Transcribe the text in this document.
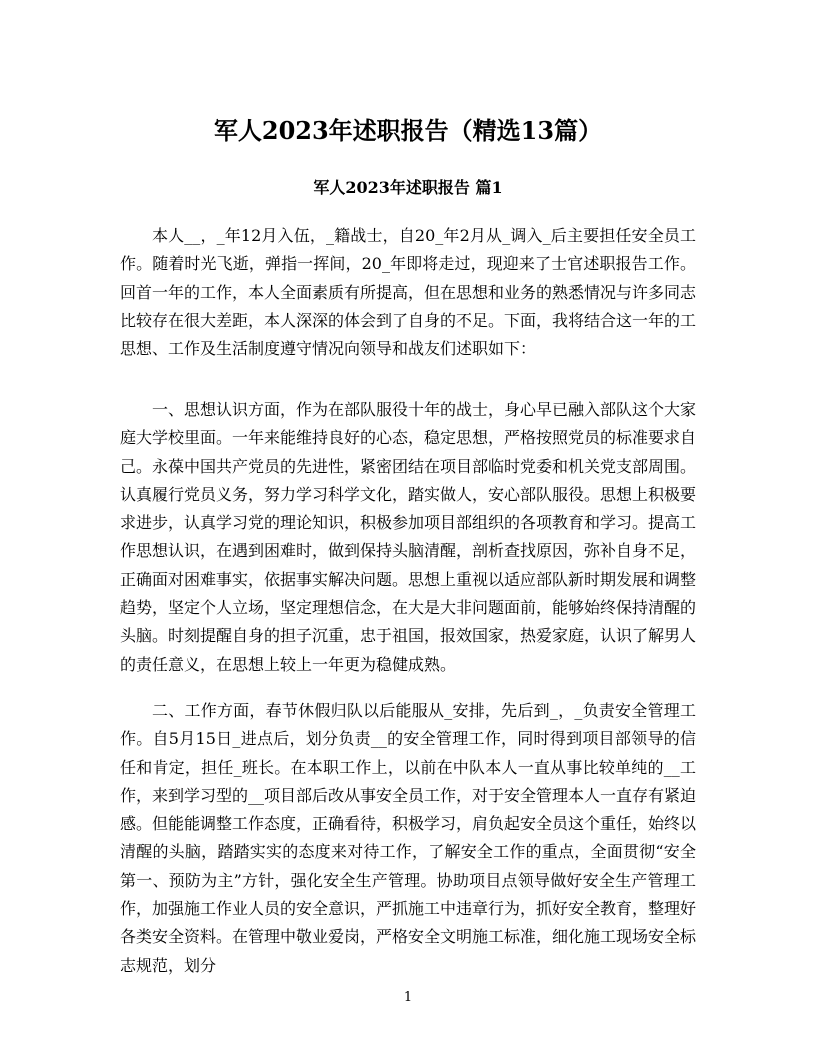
军人2023年述职报告（精选13篇）
军人2023年述职报告 篇1

本人__，_年12月入伍，_籍战士，自20_年2月从_调入_后主要担任安全员工作。随着时光飞逝，弹指一挥间，20_年即将走过，现迎来了士官述职报告工作。回首一年的工作，本人全面素质有所提高，但在思想和业务的熟悉情况与许多同志比较存在很大差距，本人深深的体会到了自身的不足。下面，我将结合这一年的工思想、工作及生活制度遵守情况向领导和战友们述职如下：

一、思想认识方面，作为在部队服役十年的战士，身心早已融入部队这个大家庭大学校里面。一年来能维持良好的心态，稳定思想，严格按照党员的标准要求自己。永葆中国共产党员的先进性，紧密团结在项目部临时党委和机关党支部周围。认真履行党员义务，努力学习科学文化，踏实做人，安心部队服役。思想上积极要求进步，认真学习党的理论知识，积极参加项目部组织的各项教育和学习。提高工作思想认识，在遇到困难时，做到保持头脑清醒，剖析查找原因，弥补自身不足，正确面对困难事实，依据事实解决问题。思想上重视以适应部队新时期发展和调整趋势，坚定个人立场，坚定理想信念，在大是大非问题面前，能够始终保持清醒的头脑。时刻提醒自身的担子沉重，忠于祖国，报效国家，热爱家庭，认识了解男人的责任意义，在思想上较上一年更为稳健成熟。

二、工作方面，春节休假归队以后能服从_安排，先后到_，_负责安全管理工作。自5月15日_进点后，划分负责__的安全管理工作，同时得到项目部领导的信任和肯定，担任_班长。在本职工作上，以前在中队本人一直从事比较单纯的__工作，来到学习型的__项目部后改从事安全员工作，对于安全管理本人一直存有紧迫感。但能能调整工作态度，正确看待，积极学习，肩负起安全员这个重任，始终以清醒的头脑，踏踏实实的态度来对待工作，了解安全工作的重点，全面贯彻“安全第一、预防为主”方针，强化安全生产管理。协助项目点领导做好安全生产管理工作，加强施工作业人员的安全意识，严抓施工中违章行为，抓好安全教育，整理好各类安全资料。在管理中敬业爱岗，严格安全文明施工标准，细化施工现场安全标志规范，划分

1
